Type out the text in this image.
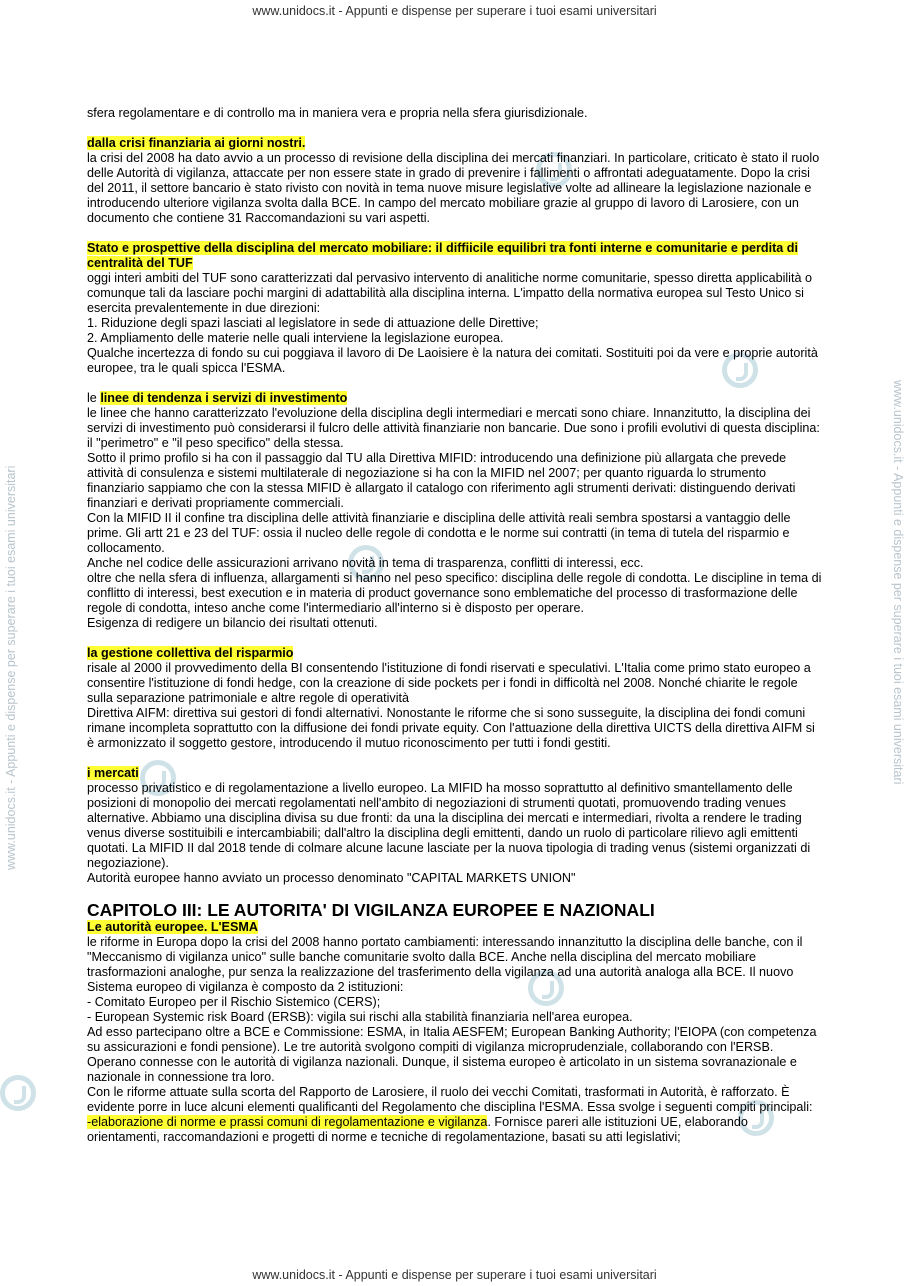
www.unidocs.it - Appunti e dispense per superare i tuoi esami universitari
www.unidocs.it - Appunti e dispense per superare i tuoi esami universitari	www.unidocs.it - Appunti e dispense per superare i tuoi esami universitari

sfera regolamentare e di controllo ma in maniera vera e propria nella sfera giurisdizionale.

dalla crisi finanziaria ai giorni nostri.

la crisi del 2008 ha dato avvio a un processo di revisione della disciplina dei mercati finanziari. In particolare, criticato è stato il ruolo delle Autorità di vigilanza, attaccate per non essere state in grado di prevenire i fallimenti o affrontati adeguatamente. Dopo la crisi del 2011, il settore bancario è stato rivisto con novità in tema nuove misure legislative volte ad allineare la legislazione nazionale e introducendo ulteriore vigilanza svolta dalla BCE. In campo del mercato mobiliare grazie al gruppo di lavoro di Larosiere, con un documento che contiene 31 Raccomandazioni su vari aspetti.

Stato e prospettive della disciplina del mercato mobiliare: il diffiicile equilibri tra fonti interne e comunitarie e perdita di centralità del TUF

oggi interi ambiti del TUF sono caratterizzati dal pervasivo intervento di analitiche norme comunitarie, spesso diretta applicabilità o comunque tali da lasciare pochi margini di adattabilità alla disciplina interna. L'impatto della normativa europea sul Testo Unico si esercita prevalentemente in due direzioni:

1. Riduzione degli spazi lasciati al legislatore in sede di attuazione delle Direttive;

2. Ampliamento delle materie nelle quali interviene la legislazione europea.

Qualche incertezza di fondo su cui poggiava il lavoro di De Laoisiere è la natura dei comitati. Sostituiti poi da vere e proprie autorità europee, tra le quali spicca l'ESMA.

le linee di tendenza i servizi di investimento

le linee che hanno caratterizzato l'evoluzione della disciplina degli intermediari e mercati sono chiare. Innanzitutto, la disciplina dei servizi di investimento può considerarsi il fulcro delle attività finanziarie non bancarie. Due sono i profili evolutivi di questa disciplina: il "perimetro" e "il peso specifico" della stessa.

Sotto il primo profilo si ha con il passaggio dal TU alla Direttiva MIFID: introducendo una definizione più allargata che prevede attività di consulenza e sistemi multilaterale di negoziazione si ha con la MIFID nel 2007; per quanto riguarda lo strumento finanziario sappiamo che con la stessa MIFID è allargato il catalogo con riferimento agli strumenti derivati: distinguendo derivati finanziari e derivati propriamente commerciali.

Con la MIFID II il confine tra disciplina delle attività finanziarie e disciplina delle attività reali sembra spostarsi a vantaggio delle prime. Gli artt 21 e 23 del TUF: ossia il nucleo delle regole di condotta e le norme sui contratti (in tema di tutela del risparmio e collocamento.

Anche nel codice delle assicurazioni arrivano novità in tema di trasparenza, conflitti di interessi, ecc.

oltre che nella sfera di influenza, allargamenti si hanno nel peso specifico: disciplina delle regole di condotta. Le discipline in tema di conflitto di interessi, best execution e in materia di product governance sono emblematiche del processo di trasformazione delle regole di condotta, inteso anche come l'intermediario all'interno si è disposto per operare.

Esigenza di redigere un bilancio dei risultati ottenuti.

la gestione collettiva del risparmio

risale al 2000 il provvedimento della BI consentendo l'istituzione di fondi riservati e speculativi. L'Italia come primo stato europeo a consentire l'istituzione di fondi hedge, con la creazione di side pockets per i fondi in difficoltà nel 2008. Nonché chiarite le regole sulla separazione patrimoniale e altre regole di operatività

Direttiva AIFM: direttiva sui gestori di fondi alternativi. Nonostante le riforme che si sono susseguite, la disciplina dei fondi comuni rimane incompleta soprattutto con la diffusione dei fondi private equity. Con l'attuazione della direttiva UICTS della direttiva AIFM si è armonizzato il soggetto gestore, introducendo il mutuo riconoscimento per tutti i fondi gestiti.

i mercati

processo privatistico e di regolamentazione a livello europeo. La MIFID ha mosso soprattutto al definitivo smantellamento delle posizioni di monopolio dei mercati regolamentati nell'ambito di negoziazioni di strumenti quotati, promuovendo trading venues alternative. Abbiamo una disciplina divisa su due fronti: da una la disciplina dei mercati e intermediari, rivolta a rendere le trading venus diverse sostituibili e intercambiabili; dall'altro la disciplina degli emittenti, dando un ruolo di particolare rilievo agli emittenti quotati. La MIFID II dal 2018 tende di colmare alcune lacune lasciate per la nuova tipologia di trading venus (sistemi organizzati di negoziazione).

Autorità europee hanno avviato un processo denominato "CAPITAL MARKETS UNION"

CAPITOLO III: LE AUTORITA' DI VIGILANZA EUROPEE E NAZIONALI

Le autorità europee. L'ESMA

le riforme in Europa dopo la crisi del 2008 hanno portato cambiamenti: interessando innanzitutto la disciplina delle banche, con il "Meccanismo di vigilanza unico" sulle banche comunitarie svolto dalla BCE. Anche nella disciplina del mercato mobiliare trasformazioni analoghe, pur senza la realizzazione del trasferimento della vigilanza ad una autorità analoga alla BCE. Il nuovo Sistema europeo di vigilanza è composto da 2 istituzioni:

- Comitato Europeo per il Rischio Sistemico (CERS);

- European Systemic risk Board (ERSB): vigila sui rischi alla stabilità finanziaria nell'area europea.

Ad esso partecipano oltre a BCE e Commissione: ESMA, in Italia AESFEM; European Banking Authority; l'EIOPA (con competenza su assicurazioni e fondi pensione). Le tre autorità svolgono compiti di vigilanza microprudenziale, collaborando con l'ERSB. Operano connesse con le autorità di vigilanza nazionali. Dunque, il sistema europeo è articolato in un sistema sovranazionale e nazionale in connessione tra loro.

Con le riforme attuate sulla scorta del Rapporto de Larosiere, il ruolo dei vecchi Comitati, trasformati in Autorità, è rafforzato. È evidente porre in luce alcuni elementi qualificanti del Regolamento che disciplina l'ESMA. Essa svolge i seguenti compiti principali:

-elaborazione di norme e prassi comuni di regolamentazione e vigilanza. Fornisce pareri alle istituzioni UE, elaborando orientamenti, raccomandazioni e progetti di norme e tecniche di regolamentazione, basati su atti legislativi;

www.unidocs.it - Appunti e dispense per superare i tuoi esami universitari
